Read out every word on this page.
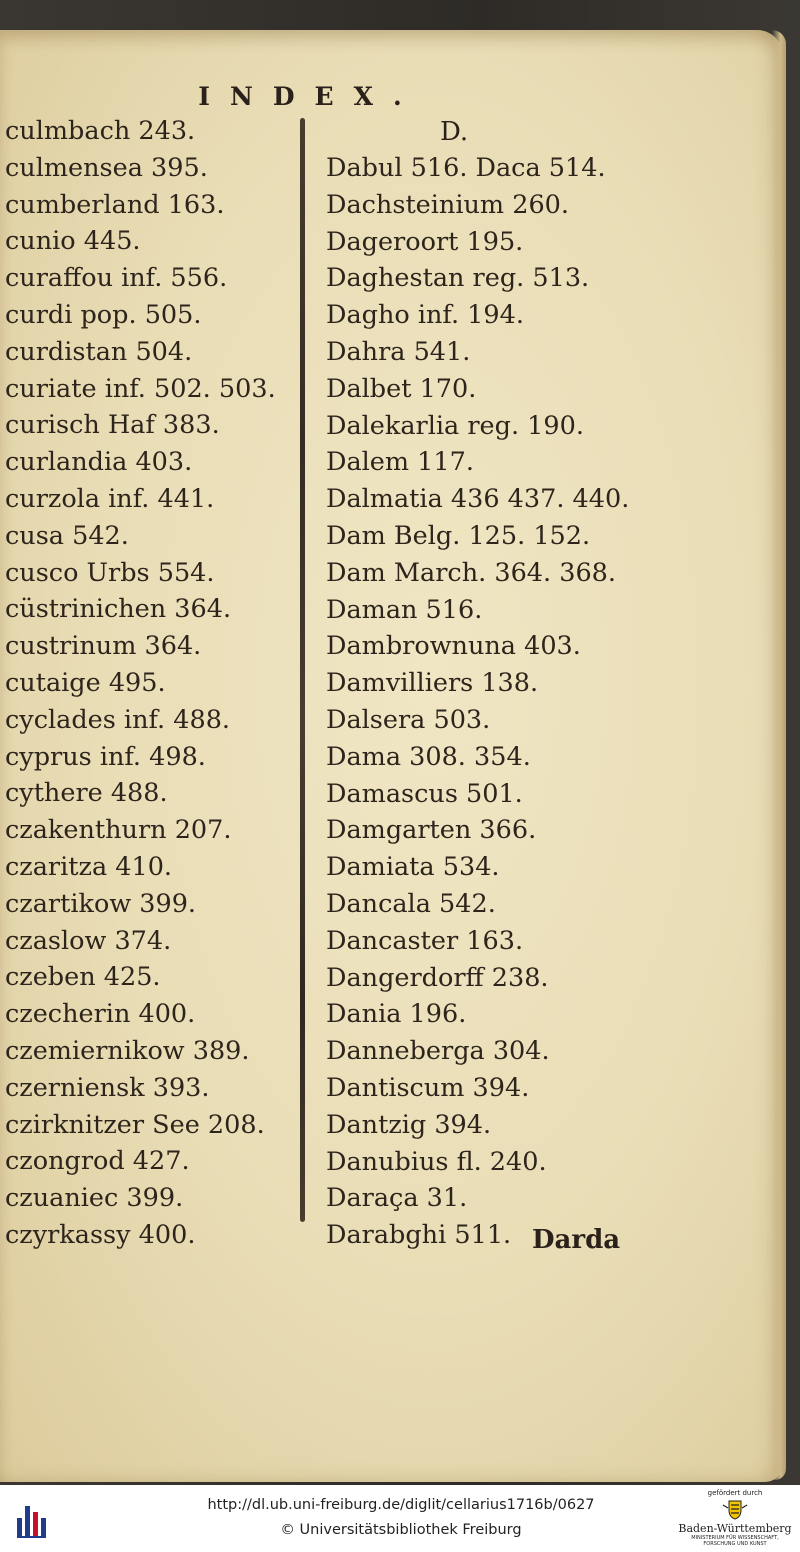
INDEX.
culmbach 243.
culmensea 395.
cumberland 163.
cunio 445.
curaffou inf. 556.
curdi pop. 505.
curdistan 504.
curiate inf. 502. 503.
curisch Haf 383.
curlandia 403.
curzola inf. 441.
cusa 542.
cusco Urbs 554.
cüstrinichen 364.
custrinum 364.
cutaige 495.
cyclades inf. 488.
cyprus inf. 498.
cythere 488.
czakenthurn 207.
czaritza 410.
czartikow 399.
czaslow 374.
czeben 425.
czecherin 400.
czemiernikow 389.
czerniensk 393.
czirknitzer See 208.
czongrod 427.
czuaniec 399.
czyrkassy 400.
D.
Dabul 516. Daca 514.
Dachsteinium 260.
Dageroort 195.
Daghestan reg. 513.
Dagho inf. 194.
Dahra 541.
Dalbet 170.
Dalekarlia reg. 190.
Dalem 117.
Dalmatia 436 437. 440.
Dam Belg. 125. 152.
Dam March. 364. 368.
Daman 516.
Dambrownuna 403.
Damvilliers 138.
Dalsera 503.
Dama 308. 354.
Damascus 501.
Damgarten 366.
Damiata 534.
Dancala 542.
Dancaster 163.
Dangerdorff 238.
Dania 196.
Danneberga 304.
Dantiscum 394.
Dantzig 394.
Danubius fl. 240.
Daraça 31.
Darabghi 511. Darda
http://dl.ub.uni-freiburg.de/diglit/cellarius1716b/0627
© Universitätsbibliothek Freiburg
gefördert durch
Baden-Württemberg
MINISTERIUM FÜR WISSENSCHAFT, FORSCHUNG UND KUNST
